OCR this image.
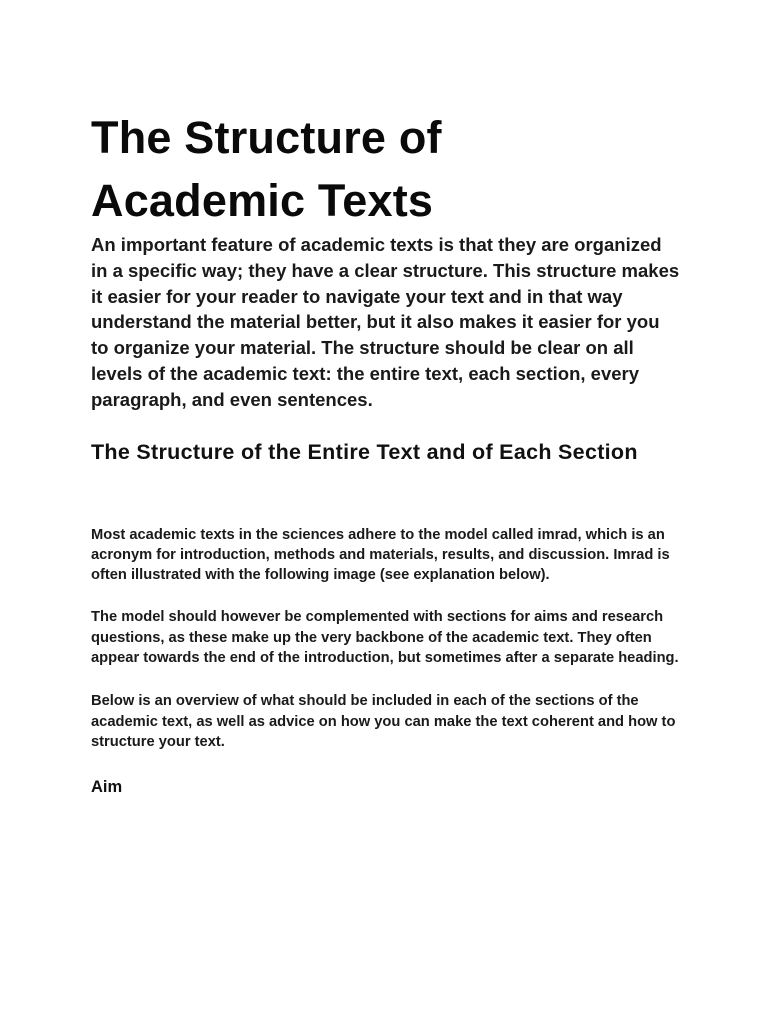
The Structure of
Academic Texts

An important feature of academic texts is that they are organized in a specific way; they have a clear structure. This structure makes it easier for your reader to navigate your text and in that way understand the material better, but it also makes it easier for you to organize your material. The structure should be clear on all levels of the academic text: the entire text, each section, every paragraph, and even sentences.

The Structure of the Entire Text and of Each Section

Most academic texts in the sciences adhere to the model called imrad, which is an acronym for introduction, methods and materials, results, and discussion. Imrad is often illustrated with the following image (see explanation below).

The model should however be complemented with sections for aims and research questions, as these make up the very backbone of the academic text. They often appear towards the end of the introduction, but sometimes after a separate heading.

Below is an overview of what should be included in each of the sections of the academic text, as well as advice on how you can make the text coherent and how to structure your text.

Aim
